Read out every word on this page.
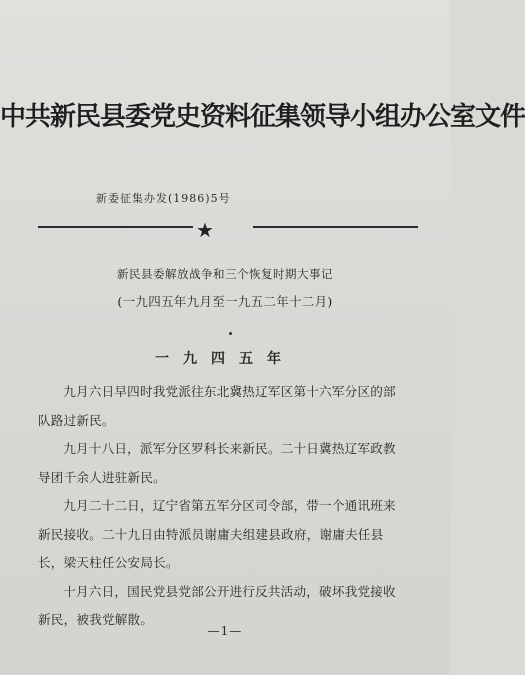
中共新民县委党史资料征集领导小组办公室文件
新委征集办发(1986)5号
★
新民县委解放战争和三个恢复时期大事记
(一九四五年九月至一九五二年十二月)
一九四五年

九月六日早四时我党派往东北冀热辽军区第十六军分区的部队路过新民。

九月十八日，派军分区罗科长来新民。二十日冀热辽军政教导团千余人进驻新民。

九月二十二日，辽宁省第五军分区司令部，带一个通讯班来新民接收。二十九日由特派员谢庸夫组建县政府，谢庸夫任县长，梁天柱任公安局长。

十月六日，国民党县党部公开进行反共活动，破坏我党接收新民，被我党解散。

—1—
